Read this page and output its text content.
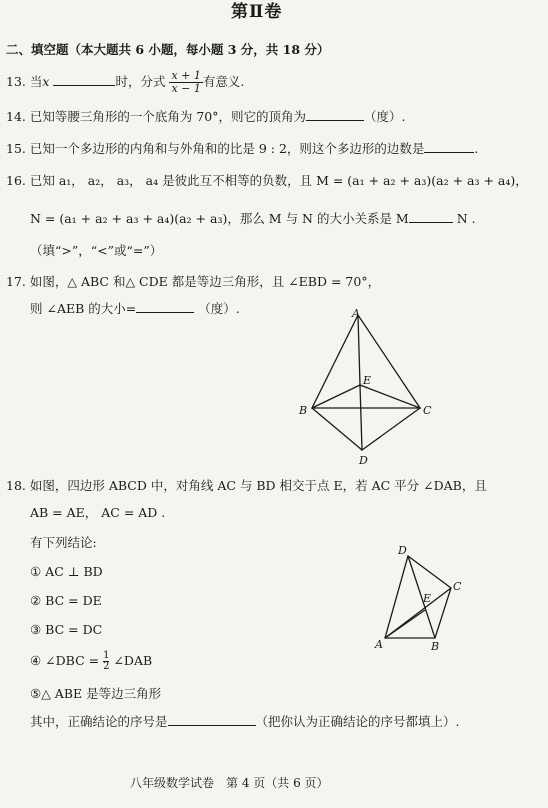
第Ⅱ卷
二、填空题（本大题共 6 小题，每小题 3 分，共 18 分）
13. 当x	时，分式 $\frac{x + 1}{x - 1}$ 有意义.
14. 已知等腰三角形的一个底角为 70°，则它的顶角为	（度）.
15. 已知一个多边形的内角和与外角和的比是 9 : 2，则这个多边形的边数是	.
16. 已知 a₁， a₂， a₃， a₄ 是彼此互不相等的负数，且 M = (a₁ + a₂ + a₃)(a₂ + a₃ + a₄)，
N = (a₁ + a₂ + a₃ + a₄)(a₂ + a₃)，那么 M 与 N 的大小关系是 M	N .
（填“>”，“<”或“=”）
17. 如图，△ ABC 和△ CDE 都是等边三角形，且 ∠EBD = 70°，
则 ∠AEB 的大小=	（度）.	A
B	C
D
E
18. 如图，四边形 ABCD 中，对角线 AC 与 BD 相交于点 E，若 AC 平分 ∠DAB，且
AB = AE， AC = AD .
有下列结论:
① AC ⊥ BD
② BC = DE
③ BC = DC
④ ∠DBC = $\frac{1}{2}$ ∠DAB
⑤△ ABE 是等边三角形
其中，正确结论的序号是	（把你认为正确结论的序号都填上）.
A	B
C
D
E
八年级数学试卷　第 4 页（共 6 页）
